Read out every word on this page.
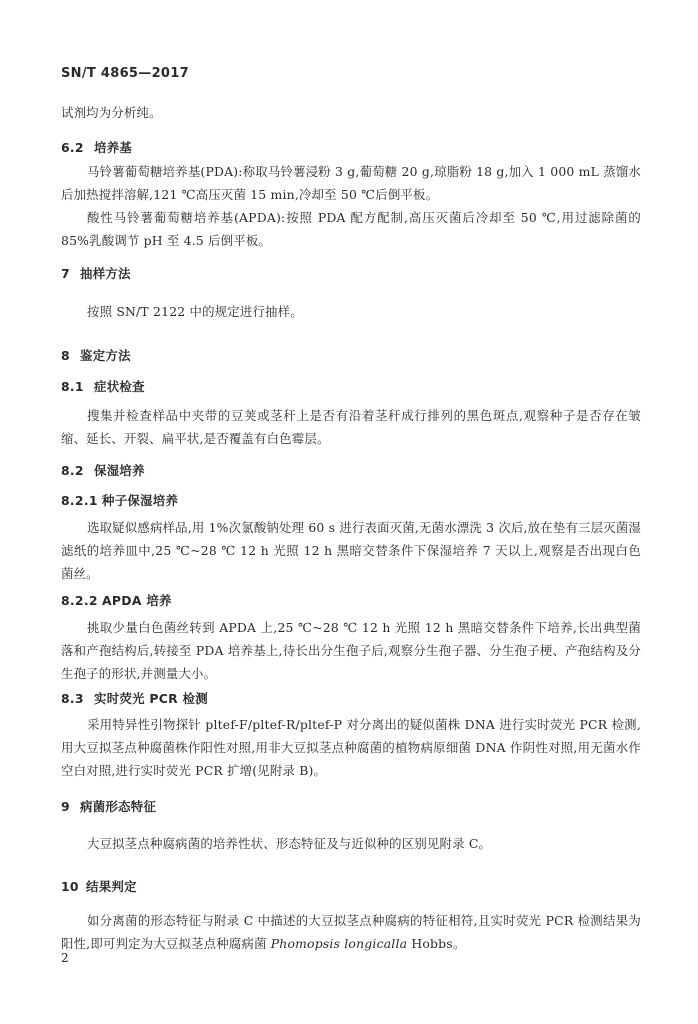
SN/T 4865—2017
试剂均为分析纯。
6.2 培养基
马铃薯葡萄糖培养基(PDA):称取马铃薯浸粉 3 g,葡萄糖 20 g,琼脂粉 18 g,加入 1 000 mL 蒸馏水后加热搅拌溶解,121 ℃高压灭菌 15 min,冷却至 50 ℃后倒平板。
酸性马铃薯葡萄糖培养基(APDA):按照 PDA 配方配制,高压灭菌后冷却至 50 ℃,用过滤除菌的 85%乳酸调节 pH 至 4.5 后倒平板。
7 抽样方法
按照 SN/T 2122 中的规定进行抽样。
8 鉴定方法
8.1 症状检查
搜集并检查样品中夹带的豆荚或茎秆上是否有沿着茎秆成行排列的黑色斑点,观察种子是否存在皱缩、延长、开裂、扁平状,是否覆盖有白色霉层。
8.2 保湿培养
8.2.1 种子保湿培养
选取疑似感病样品,用 1%次氯酸钠处理 60 s 进行表面灭菌,无菌水漂洗 3 次后,放在垫有三层灭菌湿滤纸的培养皿中,25 ℃~28 ℃ 12 h 光照 12 h 黑暗交替条件下保湿培养 7 天以上,观察是否出现白色菌丝。
8.2.2 APDA 培养
挑取少量白色菌丝转到 APDA 上,25 ℃~28 ℃ 12 h 光照 12 h 黑暗交替条件下培养,长出典型菌落和产孢结构后,转接至 PDA 培养基上,待长出分生孢子后,观察分生孢子器、分生孢子梗、产孢结构及分生孢子的形状,并测量大小。
8.3 实时荧光 PCR 检测
采用特异性引物探针 pltef-F/pltef-R/pltef-P 对分离出的疑似菌株 DNA 进行实时荧光 PCR 检测,用大豆拟茎点种腐菌株作阳性对照,用非大豆拟茎点种腐菌的植物病原细菌 DNA 作阴性对照,用无菌水作空白对照,进行实时荧光 PCR 扩增(见附录 B)。
9 病菌形态特征
大豆拟茎点种腐病菌的培养性状、形态特征及与近似种的区别见附录 C。
10 结果判定
如分离菌的形态特征与附录 C 中描述的大豆拟茎点种腐病的特征相符,且实时荧光 PCR 检测结果为阳性,即可判定为大豆拟茎点种腐病菌 Phomopsis longicalla Hobbs。
2
